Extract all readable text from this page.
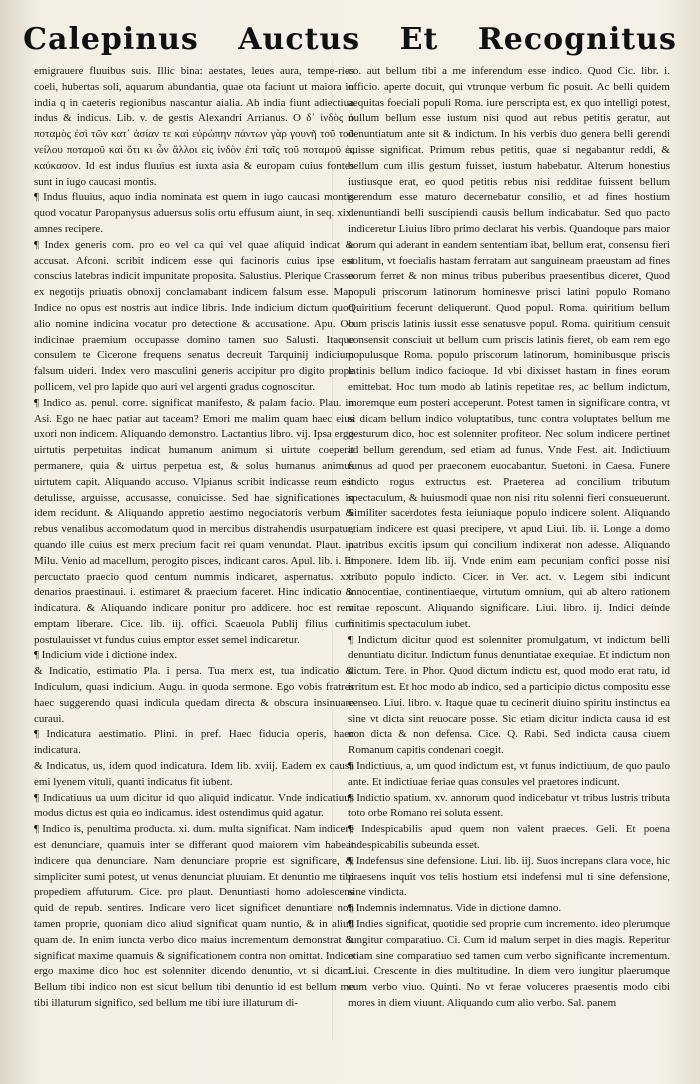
Calepinus Auctus Et Recognitus

emigrauere fluuibus suis. Illic bina: aestates, leues aura, tempe-ries coeli, hubertas soli, aquarum abundantia, quae ota faciunt ut maiora in india q in caeteris regionibus nascantur aialia. Ab india fiunt adiectiua indus & indicus. Lib. v. de gestis Alexandri Arrianus. Ο δ᾽ ἰνδὸς ὁ ποταμὸς ἐσὶ τῶν κατ᾽ ἀσίαν τε καὶ εὐρώπην πάντων γὰρ γουνῆ τοῦ τοῦ νείλου ποταμοῦ καὶ ὅτι κι ὧν ἄλλοι εἰς ἰνδὸν ἐπὶ ταῖς τοῦ ποταμοῦ ἐς καύκασον. Id est indus fluuius est iuxta asia & europam cuius fontes sunt in iugo caucasi montis.

¶ Indus fluuius, aquo india nominata est quem in iugo caucasi montis quod vocatur Paropanysus aduersus solis ortu effusum aiunt, in seq. xix. amnes recipere.

¶ Index generis com. pro eo vel ca qui vel quae aliquid indicat & accusat. Afconi. scribit indicem esse qui facinoris cuius ipse est conscius latebras indicit impunitate proposita. Salustius. Plerique Crasso ex negotijs priuatis obnoxij conclamabant indicem falsum esse. Mar. Indice no opus est nostris aut indice libris. Inde indicium dictum quod alio nomine indicina vocatur pro detectione & accusatione. Apu. Ob indicinae praemium occupasse domino tamen suo Salusti. Itaque consulem te Cicerone frequens senatus decreuit Tarquinij indicium falsum uideri. Index vero masculini generis accipitur pro digito prope pollicem, vel pro lapide quo auri vel argenti gradus cognoscitur.

¶ Indico as. penul. corre. significat manifesto, & palam facio. Plau. in Asi. Ego ne haec patiar aut taceam? Emori me malim quam haec eius uxori non indicem. Aliquando demonstro. Lactantius libro. vij. Ipsa ergo uirtutis perpetuitas indicat humanum animum si uirtute coeperit permanere, quia & uirtus perpetua est, & solus humanus animus uirtutem capit. Aliquando accuso. Vlpianus scribit indicasse reum est detulisse, arguisse, accusasse, conuicisse. Sed hae significationes in idem recidunt. & Aliquando appretio aestimo negociatoris verbum & rebus venalibus accomodatum quod in mercibus distrahendis usurpatur, quando ille cuius est merx precium facit rei quam venundat. Plaut. in Milu. Venio ad macellum, perogito pisces, indicant caros. Apul. lib. i. Et percuctato praecio quod centum nummis indicaret, aspernatus. xx. denarios praestinaui. i. estimaret & praecium faceret. Hinc indicatio & indicatura. & Aliquando indicare ponitur pro addicere. hoc est rem emptam liberare. Cice. lib. iij. offici. Scaeuola Publij filius cum postulauisset vt fundus cuius emptor esset semel indicaretur.

¶ Indicium vide i dictione index.

& Indicatio, estimatio Pla. i persa. Tua merx est, tua indicatio & Indiculum, quasi indicium. Augu. in quoda sermone. Ego vobis fratres haec suggerendo quasi indicula quedam directa & obscura insinuare curaui.

¶ Indicatura aestimatio. Plini. in pref. Haec fiducia operis, haec indicatura.

& Indicatus, us, idem quod indicatura. Idem lib. xviij. Eadem ex causa emi lyenem vituli, quanti indicatus fit iubent.

¶ Indicatiuus ua uum dicitur id quo aliquid indicatur. Vnde indicatiuus modus dictus est quia eo indicamus. idest ostendimus quid agatur.

¶ Indico is, penultima producta. xi. dum. multa significat. Nam indicere est denunciare, quamuis inter se differant quod maiorem vim habeat indicere qua denunciare. Nam denunciare proprie est significare, & simpliciter sumi potest, ut venus denunciat pluuiam. Et denuntio me tibi propediem affuturum. Cice. pro plaut. Denuntiasti homo adolescens quid de repub. sentires. Indicare vero licet significet denuntiare non tamen proprie, quoniam dico aliud significat quam nuntio, & in aliud quam de. In enim iuncta verbo dico maius incrementum demonstrat & significat maxime quamuis & significationem contra non omittat. Indico ergo maxime dico hoc est solenniter dicendo denuntio, vt si dicam. Bellum tibi indico non est sicut bellum tibi denuntio id est bellum me tibi illaturum significo, sed bellum me tibi iure illaturum di-

co. aut bellum tibi a me inferendum esse indico. Quod Cic. libr. i. officio. aperte docuit, qui vtrunque verbum fic posuit. Ac belli quidem aequitas foeciali populi Roma. iure perscripta est, ex quo intelligi potest, nullum bellum esse iustum nisi quod aut rebus petitis geratur, aut denuntiatum ante sit & indictum. In his verbis duo genera belli gerendi suisse significat. Primum rebus petitis, quae si negabantur reddi, & bellum cum illis gestum fuisset, iustum habebatur. Alterum honestius iustiusque erat, eo quod petitis rebus nisi redditae fuissent bellum gerendum esse maturo decernebatur consilio, et ad fines hostium denuntiandi belli suscipiendi causis bellum indicabatur. Sed quo pacto indiceretur Liuius libro primo declarat his verbis. Quandoque pars maior eorum qui aderant in eandem sententiam ibat, bellum erat, consensu fieri solitum, vt foecialis hastam ferratam aut sanguineam praeustam ad fines eorum ferret & non minus tribus puberibus praesentibus diceret, Quod populi priscorum latinorum hominesve prisci latini populo Romano Quiritium fecerunt deliquerunt. Quod popul. Roma. quiritium bellum cum priscis latinis iussit esse senatusve popul. Roma. quiritium censuit consensit consciuit ut bellum cum priscis latinis fieret, ob eam rem ego populusque Roma. populo priscorum latinorum, hominibusque priscis latinis bellum indico facioque. Id vbi dixisset hastam in fines eorum emittebat. Hoc tum modo ab latinis repetitae res, ac bellum indictum, moremque eum posteri acceperunt. Potest tamen in significare contra, vt si dicam bellum indico voluptatibus, tunc contra voluptates bellum me gesturum dico, hoc est solenniter profiteor. Nec solum indicere pertinet ad bellum gerendum, sed etiam ad funus. Vnde Fest. ait. Indictiuum funus ad quod per praeconem euocabantur. Suetoni. in Caesa. Funere indicto rogus extructus est. Praeterea ad concilium tributum spectaculum, & huiusmodi quae non nisi ritu solenni fieri consueuerunt. Similiter sacerdotes festa ieiuniaque populo indicere solent. Aliquando etiam indicere est quasi precipere, vt apud Liui. lib. ii. Longe a domo patribus excitis ipsum qui concilium indixerat non adesse. Aliquando imponere. Idem lib. iij. Vnde enim eam pecuniam confici posse nisi tributo populo indicto. Cicer. in Ver. act. v. Legem sibi indicunt innocentiae, continentiaeque, virtutum omnium, qui ab altero rationem vitae reposcunt. Aliquando significare. Liui. libro. ij. Indici deinde finitimis spectaculum iubet.

¶ Indictum dicitur quod est solenniter promulgatum, vt indictum belli denuntiatu dicitur. Indictum funus denuntiatae exequiae. Et indictum non dictum. Tere. in Phor. Quod dictum indictu est, quod modo erat ratu, id irritum est. Et hoc modo ab indico, sed a participio dictus compositu esse censeo. Liui. libro. v. Itaque quae tu cecinerit diuino spiritu instinctus ea sine vt dicta sint reuocare posse. Sic etiam dicitur indicta causa id est non dicta & non defensa. Cice. Q. Rabi. Sed indicta causa ciuem Romanum capitis condenari coegit.

¶ Indictiuus, a, um quod indictum est, vt funus indictiuum, de quo paulo ante. Et indictiuae feriae quas consules vel praetores indicunt.

¶ Indictio spatium. xv. annorum quod indicebatur vt tribus lustris tributa toto orbe Romano rei soluta essent.

¶ Indespicabilis apud quem non valent praeces. Geli. Et poena indespicabilis subeunda esset.

¶ Indefensus sine defensione. Liui. lib. iij. Suos increpans clara voce, hic praesens inquit vos telis hostium etsi indefensi mul ti sine defensione, sine vindicta.

¶ Indemnis indemnatus. Vide in dictione damno.

¶ Indies significat, quotidie sed proprie cum incremento. ideo plerumque iungitur comparatiuo. Ci. Cum id malum serpet in dies magis. Reperitur etiam sine comparatiuo sed tamen cum verbo significante incrementum. Liui. Crescente in dies multitudine. In diem vero iungitur plaerumque cum verbo viuo. Quinti. No vt ferae voluceres praesentis modo cibi mores in diem viuunt. Aliquando cum alio verbo. Sal. panem
